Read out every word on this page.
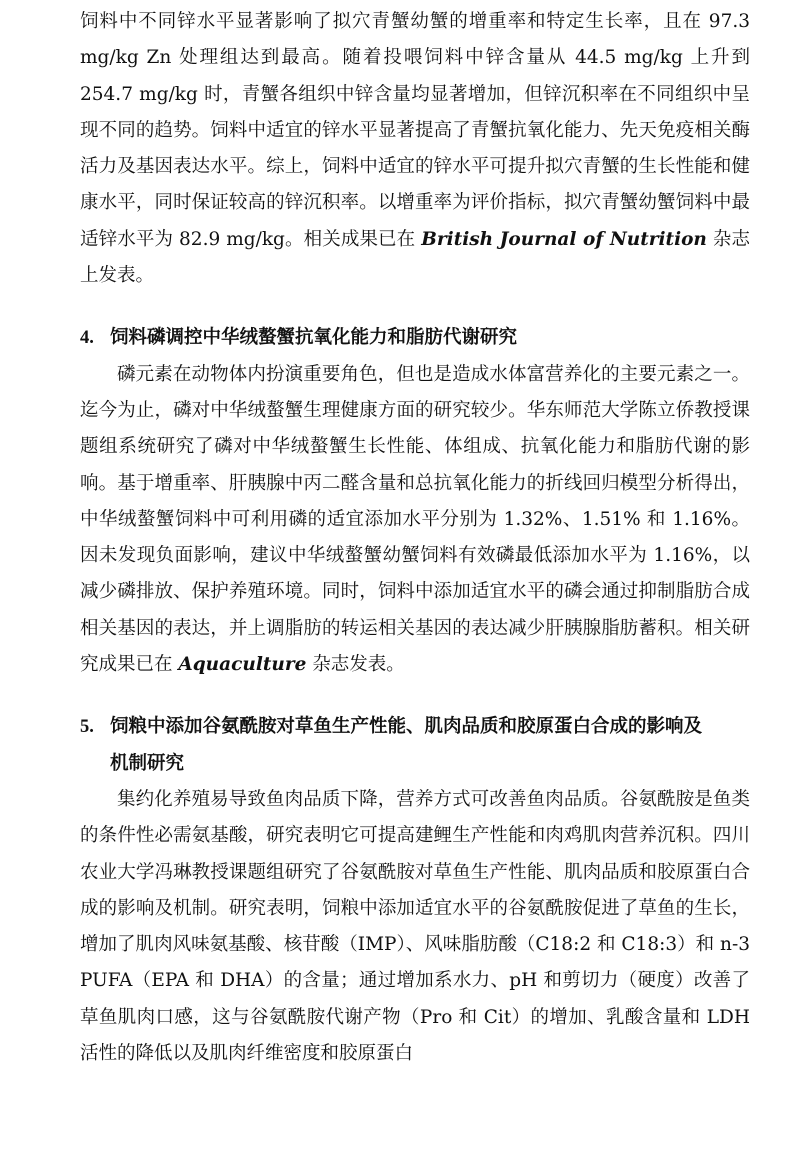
饲料中不同锌水平显著影响了拟穴青蟹幼蟹的增重率和特定生长率，且在 97.3 mg/kg Zn 处理组达到最高。随着投喂饲料中锌含量从 44.5 mg/kg 上升到 254.7 mg/kg 时，青蟹各组织中锌含量均显著增加，但锌沉积率在不同组织中呈现不同的趋势。饲料中适宜的锌水平显著提高了青蟹抗氧化能力、先天免疫相关酶活力及基因表达水平。综上，饲料中适宜的锌水平可提升拟穴青蟹的生长性能和健康水平，同时保证较高的锌沉积率。以增重率为评价指标，拟穴青蟹幼蟹饲料中最适锌水平为 82.9 mg/kg。相关成果已在 British Journal of Nutrition 杂志上发表。

4. 饲料磷调控中华绒螯蟹抗氧化能力和脂肪代谢研究

磷元素在动物体内扮演重要角色，但也是造成水体富营养化的主要元素之一。迄今为止，磷对中华绒螯蟹生理健康方面的研究较少。华东师范大学陈立侨教授课题组系统研究了磷对中华绒螯蟹生长性能、体组成、抗氧化能力和脂肪代谢的影响。基于增重率、肝胰腺中丙二醛含量和总抗氧化能力的折线回归模型分析得出，中华绒螯蟹饲料中可利用磷的适宜添加水平分别为 1.32%、1.51% 和 1.16%。因未发现负面影响，建议中华绒螯蟹幼蟹饲料有效磷最低添加水平为 1.16%，以减少磷排放、保护养殖环境。同时，饲料中添加适宜水平的磷会通过抑制脂肪合成相关基因的表达，并上调脂肪的转运相关基因的表达减少肝胰腺脂肪蓄积。相关研究成果已在 Aquaculture 杂志发表。

5. 饲粮中添加谷氨酰胺对草鱼生产性能、肌肉品质和胶原蛋白合成的影响及
机制研究

集约化养殖易导致鱼肉品质下降，营养方式可改善鱼肉品质。谷氨酰胺是鱼类的条件性必需氨基酸，研究表明它可提高建鲤生产性能和肉鸡肌肉营养沉积。四川农业大学冯琳教授课题组研究了谷氨酰胺对草鱼生产性能、肌肉品质和胶原蛋白合成的影响及机制。研究表明，饲粮中添加适宜水平的谷氨酰胺促进了草鱼的生长，增加了肌肉风味氨基酸、核苷酸（IMP）、风味脂肪酸（C18:2 和 C18:3）和 n-3 PUFA（EPA 和 DHA）的含量；通过增加系水力、pH 和剪切力（硬度）改善了草鱼肌肉口感，这与谷氨酰胺代谢产物（Pro 和 Cit）的增加、乳酸含量和 LDH 活性的降低以及肌肉纤维密度和胶原蛋白
